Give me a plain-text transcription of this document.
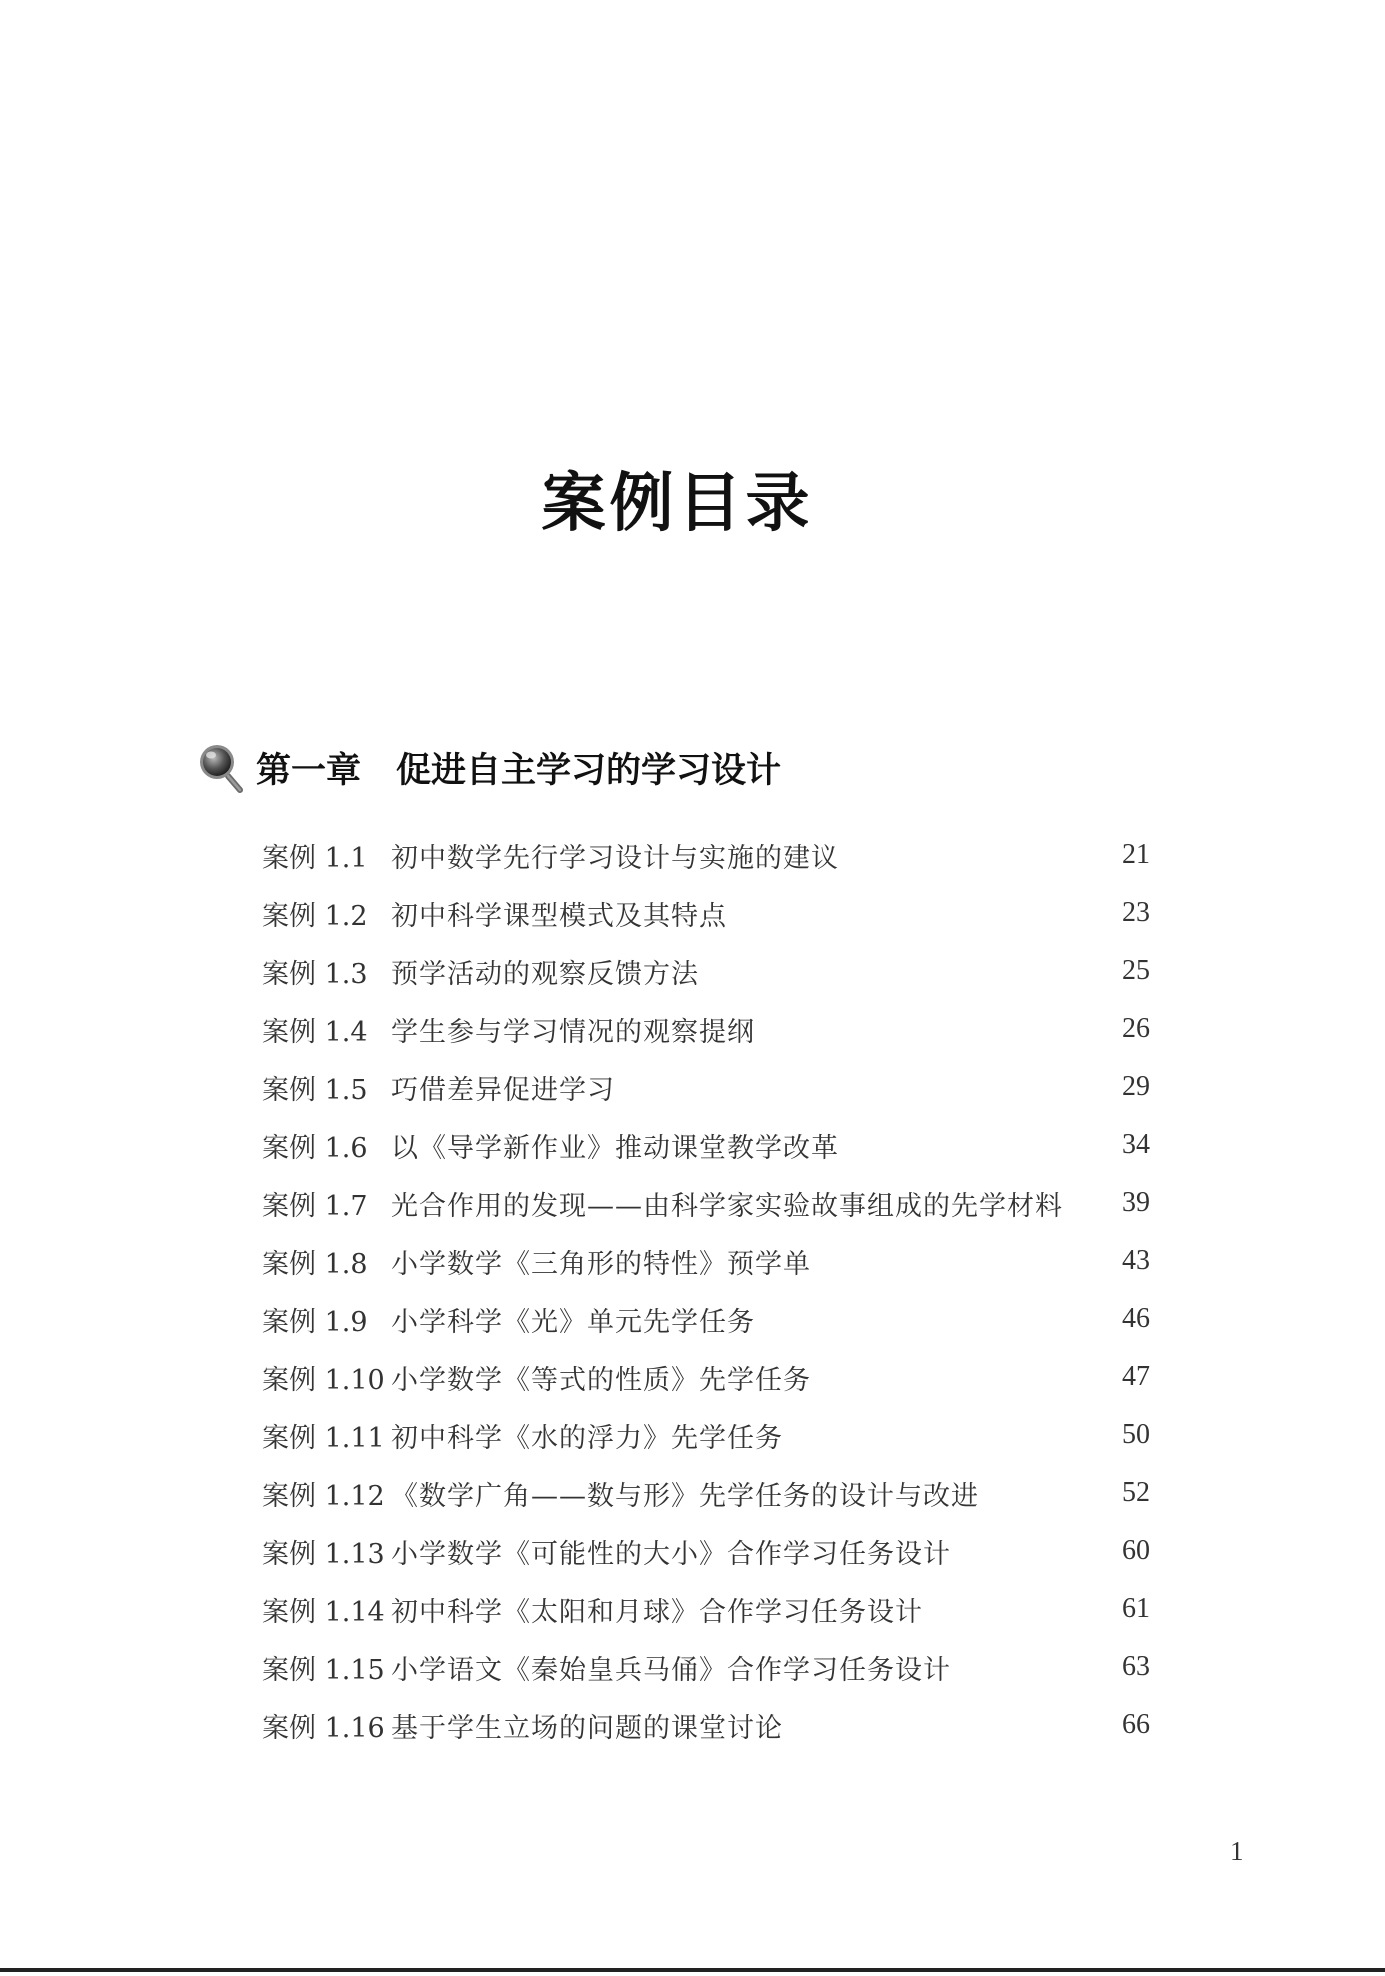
案例目录
第一章　促进自主学习的学习设计
案例 1.1 初中数学先行学习设计与实施的建议	21
案例 1.2 初中科学课型模式及其特点	23
案例 1.3 预学活动的观察反馈方法	25
案例 1.4 学生参与学习情况的观察提纲	26
案例 1.5 巧借差异促进学习	29
案例 1.6 以《导学新作业》推动课堂教学改革	34
案例 1.7 光合作用的发现——由科学家实验故事组成的先学材料 39
案例 1.8 小学数学《三角形的特性》预学单	43
案例 1.9 小学科学《光》单元先学任务	46
案例 1.10 小学数学《等式的性质》先学任务	47
案例 1.11 初中科学《水的浮力》先学任务	50
案例 1.12 《数学广角——数与形》先学任务的设计与改进	52
案例 1.13 小学数学《可能性的大小》合作学习任务设计	60
案例 1.14 初中科学《太阳和月球》合作学习任务设计	61
案例 1.15 小学语文《秦始皇兵马俑》合作学习任务设计	63
案例 1.16 基于学生立场的问题的课堂讨论	66
1
